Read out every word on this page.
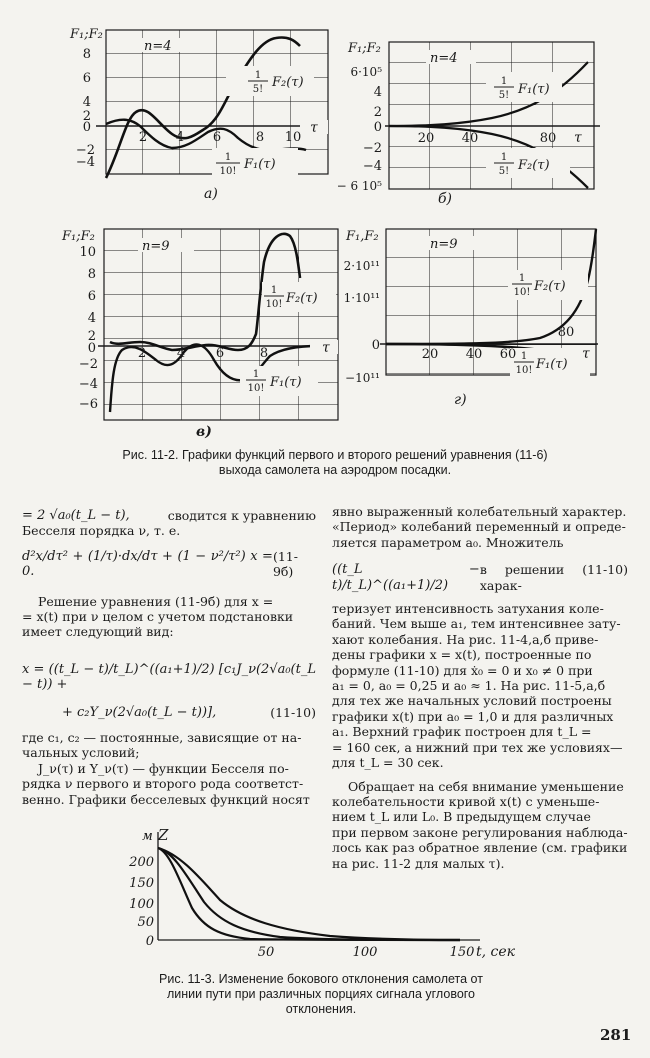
F₁;F₂
n=4
8
6
4
2
0
−2
−4
2 4 6	8 10
τ
1
5! F₂(τ)
1
10! F₁(τ)
а)
F₁;F₂
n=4
6·10⁵
4
2
0
−2
−4
− 6 10⁵
20 40	80 τ
1
5! F₁(τ)
1
5! F₂(τ)
б)
F₁;F₂
n=9
10
8
6
4
2
0
−2
−4
−6
2 4 6	8	τ
1
10! F₂(τ)
1
10! F₁(τ)
в)
F₁,F₂
n=9
2·10¹¹
1·10¹¹
0
−10¹¹
20 40 60
80
τ
1
10! F₂(τ)
1
10! F₁(τ)
г)
Рис. 11-2. Графики функций первого и второго решений уравнения (11-6)
выхода самолета на аэродром посадки.
= 2 √a₀(t_L − t),	сводится к уравнению

Бесселя порядка ν, т. е.

d²x/dτ² + (1/τ)·dx/dτ + (1 − ν²/τ²) x = 0.
(11-9б)

Решение уравнения (11-9б) для x =

= x(t) при ν целом с учетом подстановки

имеет следующий вид:

x = ((t_L − t)/t_L)^((a₁+1)/2) [c₁J_ν(2√a₀(t_L − t)) +
+ c₂Y_ν(2√a₀(t_L − t))],	(11-10)

где c₁, c₂ — постоянные, зависящие от на-

чальных условий;

J_ν(τ) и Y_ν(τ) — функции Бесселя по-

рядка ν первого и второго рода соответст-

венно. Графики бесселевых функций носят

явно выраженный колебательный характер.

«Период» колебаний переменный и опреде-

ляется параметром a₀. Множитель

((t_L − t)/t_L)^((a₁+1)/2)
в решении (11-10) харак-

теризует интенсивность затухания коле-

баний. Чем выше a₁, тем интенсивнее зату-

хают колебания. На рис. 11-4,а,б приве-

дены графики x = x(t), построенные по

формуле (11-10) для ẋ₀ = 0 и x₀ ≠ 0 при

a₁ = 0, a₀ = 0,25 и a₀ ≈ 1. На рис. 11-5,а,б

для тех же начальных условий построены

графики x(t) при a₀ = 1,0 и для различных

a₁. Верхний график построен для t_L =

= 160 сек, а нижний при тех же условиях—

для t_L = 30 сек.

Обращает на себя внимание уменьшение

колебательности кривой x(t) с уменьше-

нием t_L или L₀. В предыдущем случае

при первом законе регулирования наблюда-

лось как раз обратное явление (см. графики

на рис. 11-2 для малых τ).

м Z
200
150
100
50
0
50	100	150 t, сек
Рис. 11-3. Изменение бокового отклонения самолета от
линии пути при различных порциях сигнала углового
отклонения.
281
